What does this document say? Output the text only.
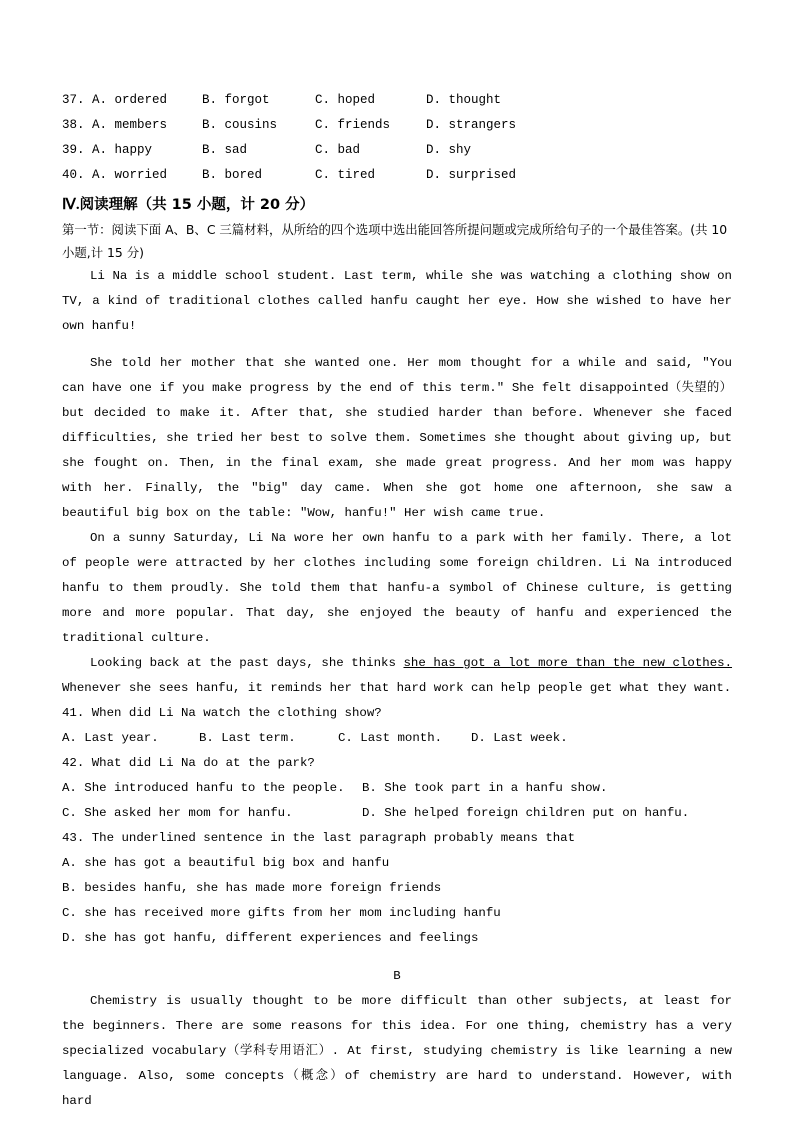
37. A. ordered	B. forgot	C. hoped	D. thought
38. A. members	B. cousins	C. friends	D. strangers
39. A. happy	B. sad	C. bad	D. shy
40. A. worried	B. bored	C. tired	D. surprised
Ⅳ.阅读理解（共 15 小题，计 20 分）
第一节：阅读下面 A、B、C 三篇材料，从所给的四个选项中选出能回答所提问题或完成所给句子的一个最佳答案。(共 10 小题,计 15 分)
Li Na is a middle school student. Last term, while she was watching a clothing show on TV, a kind of traditional clothes called hanfu caught her eye. How she wished to have her own hanfu!
She told her mother that she wanted one. Her mom thought for a while and said, ″You can have one if you make progress by the end of this term.″ She felt disappointed（失望的）but decided to make it. After that, she studied harder than before. Whenever she faced difficulties, she tried her best to solve them. Sometimes she thought about giving up, but she fought on. Then, in the final exam, she made great progress. And her mom was happy with her. Finally, the ″big″ day came. When she got home one afternoon, she saw a beautiful big box on the table: ″Wow, hanfu!″ Her wish came true.
On a sunny Saturday, Li Na wore her own hanfu to a park with her family. There, a lot of people were attracted by her clothes including some foreign children. Li Na introduced hanfu to them proudly. She told them that hanfu-a symbol of Chinese culture, is getting more and more popular. That day, she enjoyed the beauty of hanfu and experienced the traditional culture.
Looking back at the past days, she thinks she has got a lot more than the new clothes. Whenever she sees hanfu, it reminds her that hard work can help people get what they want.
41. When did Li Na watch the clothing show?
A. Last year.	B. Last term.	C. Last month. D. Last week.
42. What did Li Na do at the park?
A. She introduced hanfu to the people. B. She took part in a hanfu show.
C. She asked her mom for hanfu.	D. She helped foreign children put on hanfu.
43. The underlined sentence in the last paragraph probably means that
A. she has got a beautiful big box and hanfu
B. besides hanfu, she has made more foreign friends
C. she has received more gifts from her mom including hanfu
D. she has got hanfu, different experiences and feelings
B
Chemistry is usually thought to be more difficult than other subjects, at least for the beginners. There are some reasons for this idea. For one thing, chemistry has a very specialized vocabulary（学科专用语汇）. At first, studying chemistry is like learning a new language. Also, some concepts（概念）of chemistry are hard to understand. However, with hard
